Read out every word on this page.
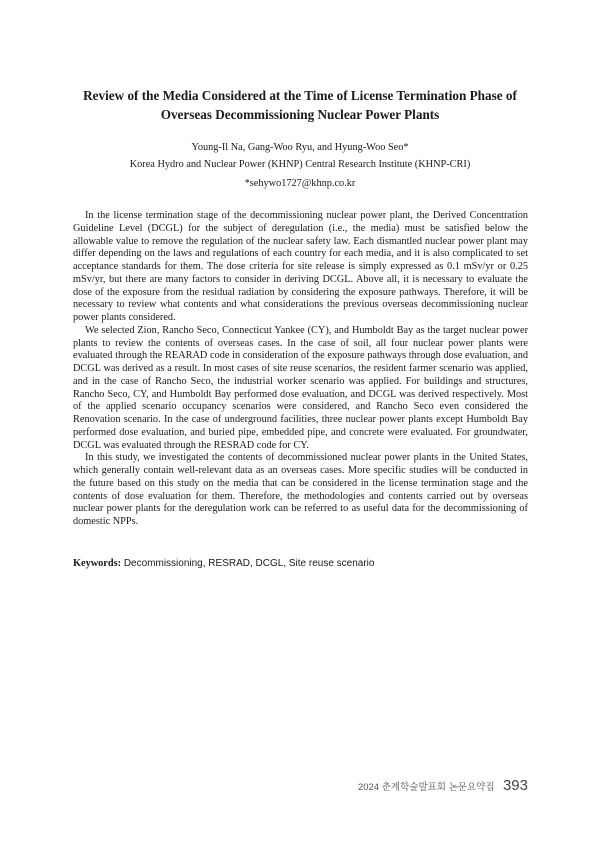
Review of the Media Considered at the Time of License Termination Phase of
Overseas Decommissioning Nuclear Power Plants
Young-Il Na, Gang-Woo Ryu, and Hyung-Woo Seo*
Korea Hydro and Nuclear Power (KHNP) Central Research Institute (KHNP-CRI)
*sehywo1727@khnp.co.kr

In the license termination stage of the decommissioning nuclear power plant, the Derived Concentration Guideline Level (DCGL) for the subject of deregulation (i.e., the media) must be satisfied below the allowable value to remove the regulation of the nuclear safety law. Each dismantled nuclear power plant may differ depending on the laws and regulations of each country for each media, and it is also complicated to set acceptance standards for them. The dose criteria for site release is simply expressed as 0.1 mSv/yr or 0.25 mSv/yr, but there are many factors to consider in deriving DCGL. Above all, it is necessary to evaluate the dose of the exposure from the residual radiation by considering the exposure pathways. Therefore, it will be necessary to review what contents and what considerations the previous overseas decommissioning nuclear power plants considered.

We selected Zion, Rancho Seco, Connecticut Yankee (CY), and Humboldt Bay as the target nuclear power plants to review the contents of overseas cases. In the case of soil, all four nuclear power plants were evaluated through the REARAD code in consideration of the exposure pathways through dose evaluation, and DCGL was derived as a result. In most cases of site reuse scenarios, the resident farmer scenario was applied, and in the case of Rancho Seco, the industrial worker scenario was applied. For buildings and structures, Rancho Seco, CY, and Humboldt Bay performed dose evaluation, and DCGL was derived respectively. Most of the applied scenario occupancy scenarios were considered, and Rancho Seco even considered the Renovation scenario. In the case of underground facilities, three nuclear power plants except Humboldt Bay performed dose evaluation, and buried pipe, embedded pipe, and concrete were evaluated. For groundwater, DCGL was evaluated through the RESRAD code for CY.

In this study, we investigated the contents of decommissioned nuclear power plants in the United States, which generally contain well-relevant data as an overseas cases. More specific studies will be conducted in the future based on this study on the media that can be considered in the license termination stage and the contents of dose evaluation for them. Therefore, the methodologies and contents carried out by overseas nuclear power plants for the deregulation work can be referred to as useful data for the decommissioning of domestic NPPs.

Keywords: Decommissioning, RESRAD, DCGL, Site reuse scenario
2024 춘계학술발표회 논문요약집 393
